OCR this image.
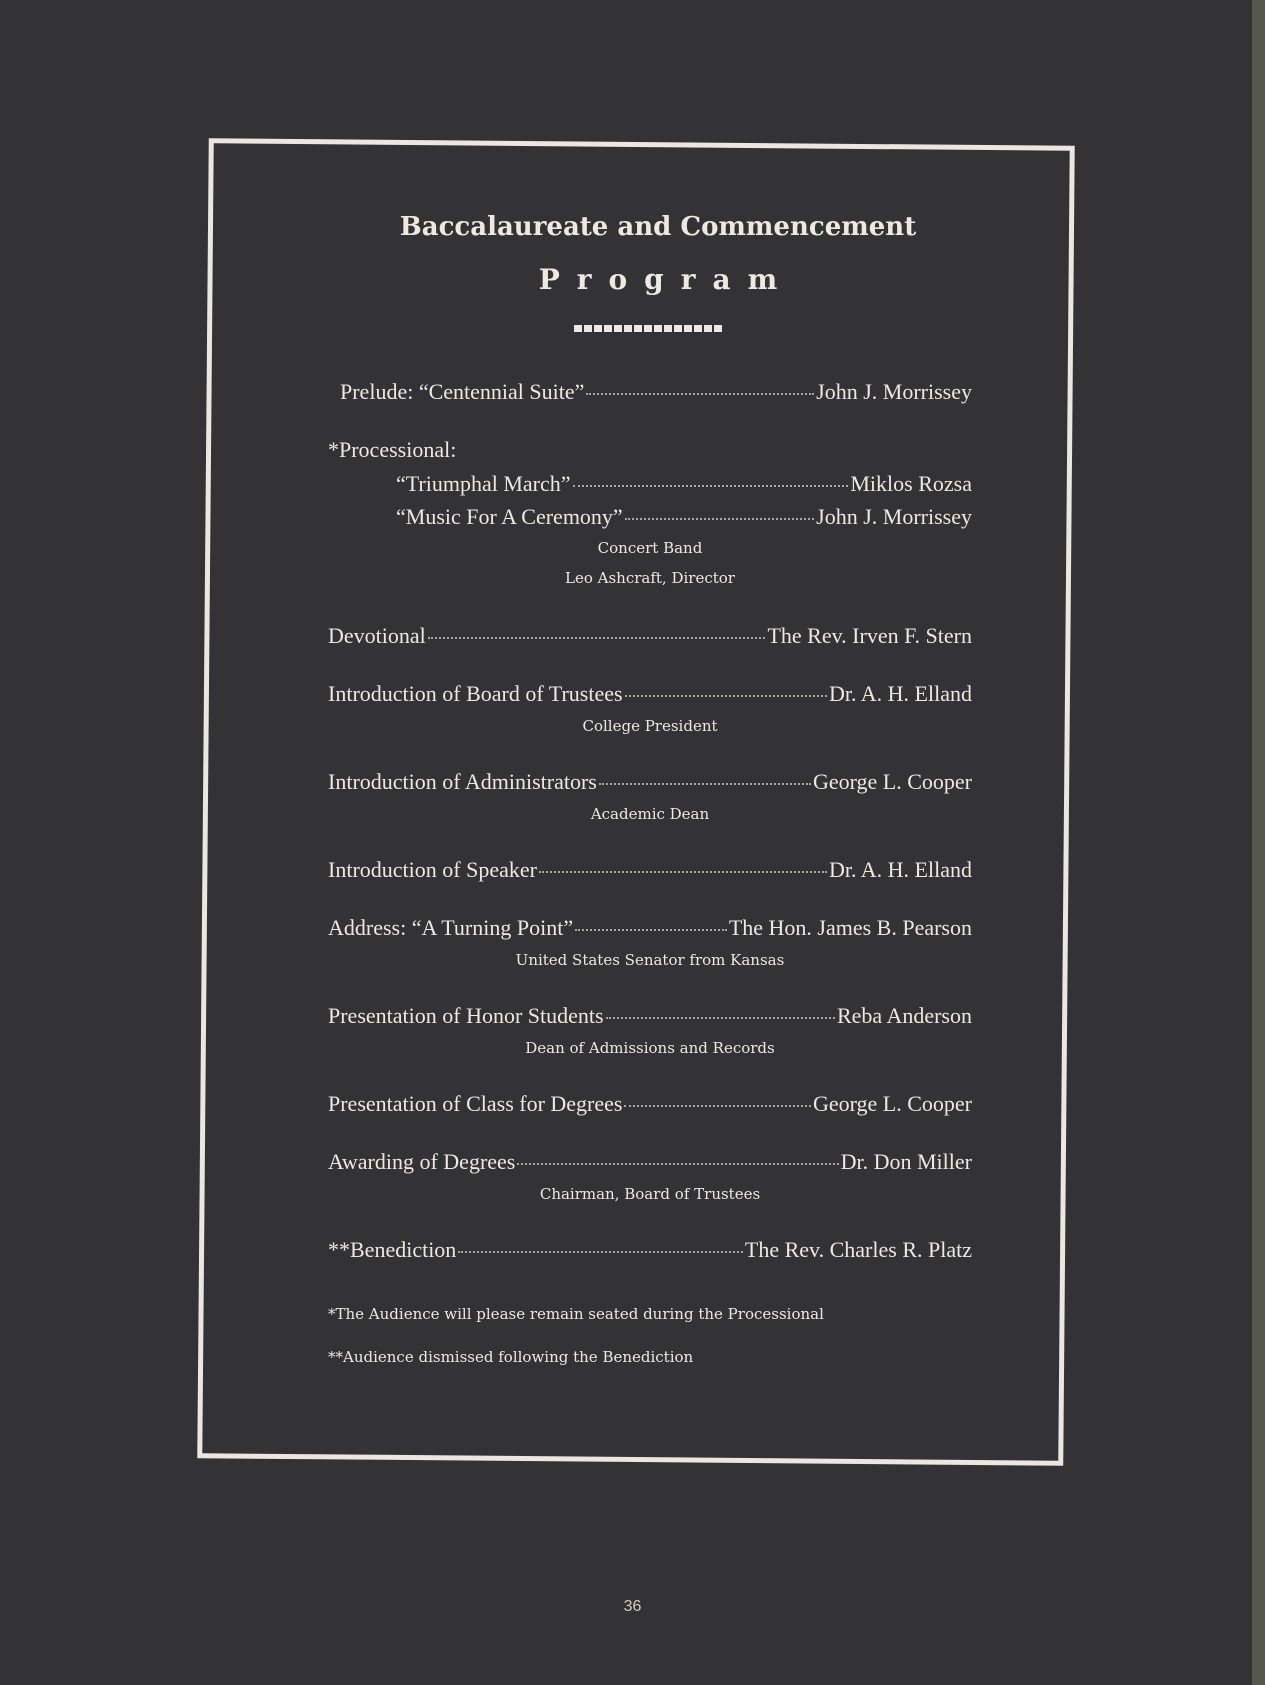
Baccalaureate and Commencement
Program
Prelude: “Centennial Suite”	John J. Morrissey
*Processional:
“Triumphal March”	Miklos Rozsa
“Music For A Ceremony”	John J. Morrissey
Concert Band
Leo Ashcraft, Director
Devotional	The Rev. Irven F. Stern
Introduction of Board of Trustees	Dr. A. H. Elland
College President
Introduction of Administrators	George L. Cooper
Academic Dean
Introduction of Speaker	Dr. A. H. Elland
Address: “A Turning Point”	The Hon. James B. Pearson
United States Senator from Kansas
Presentation of Honor Students	Reba Anderson
Dean of Admissions and Records
Presentation of Class for Degrees	George L. Cooper
Awarding of Degrees	Dr. Don Miller
Chairman, Board of Trustees
**Benediction	The Rev. Charles R. Platz
*The Audience will please remain seated during the Processional
**Audience dismissed following the Benediction
36
